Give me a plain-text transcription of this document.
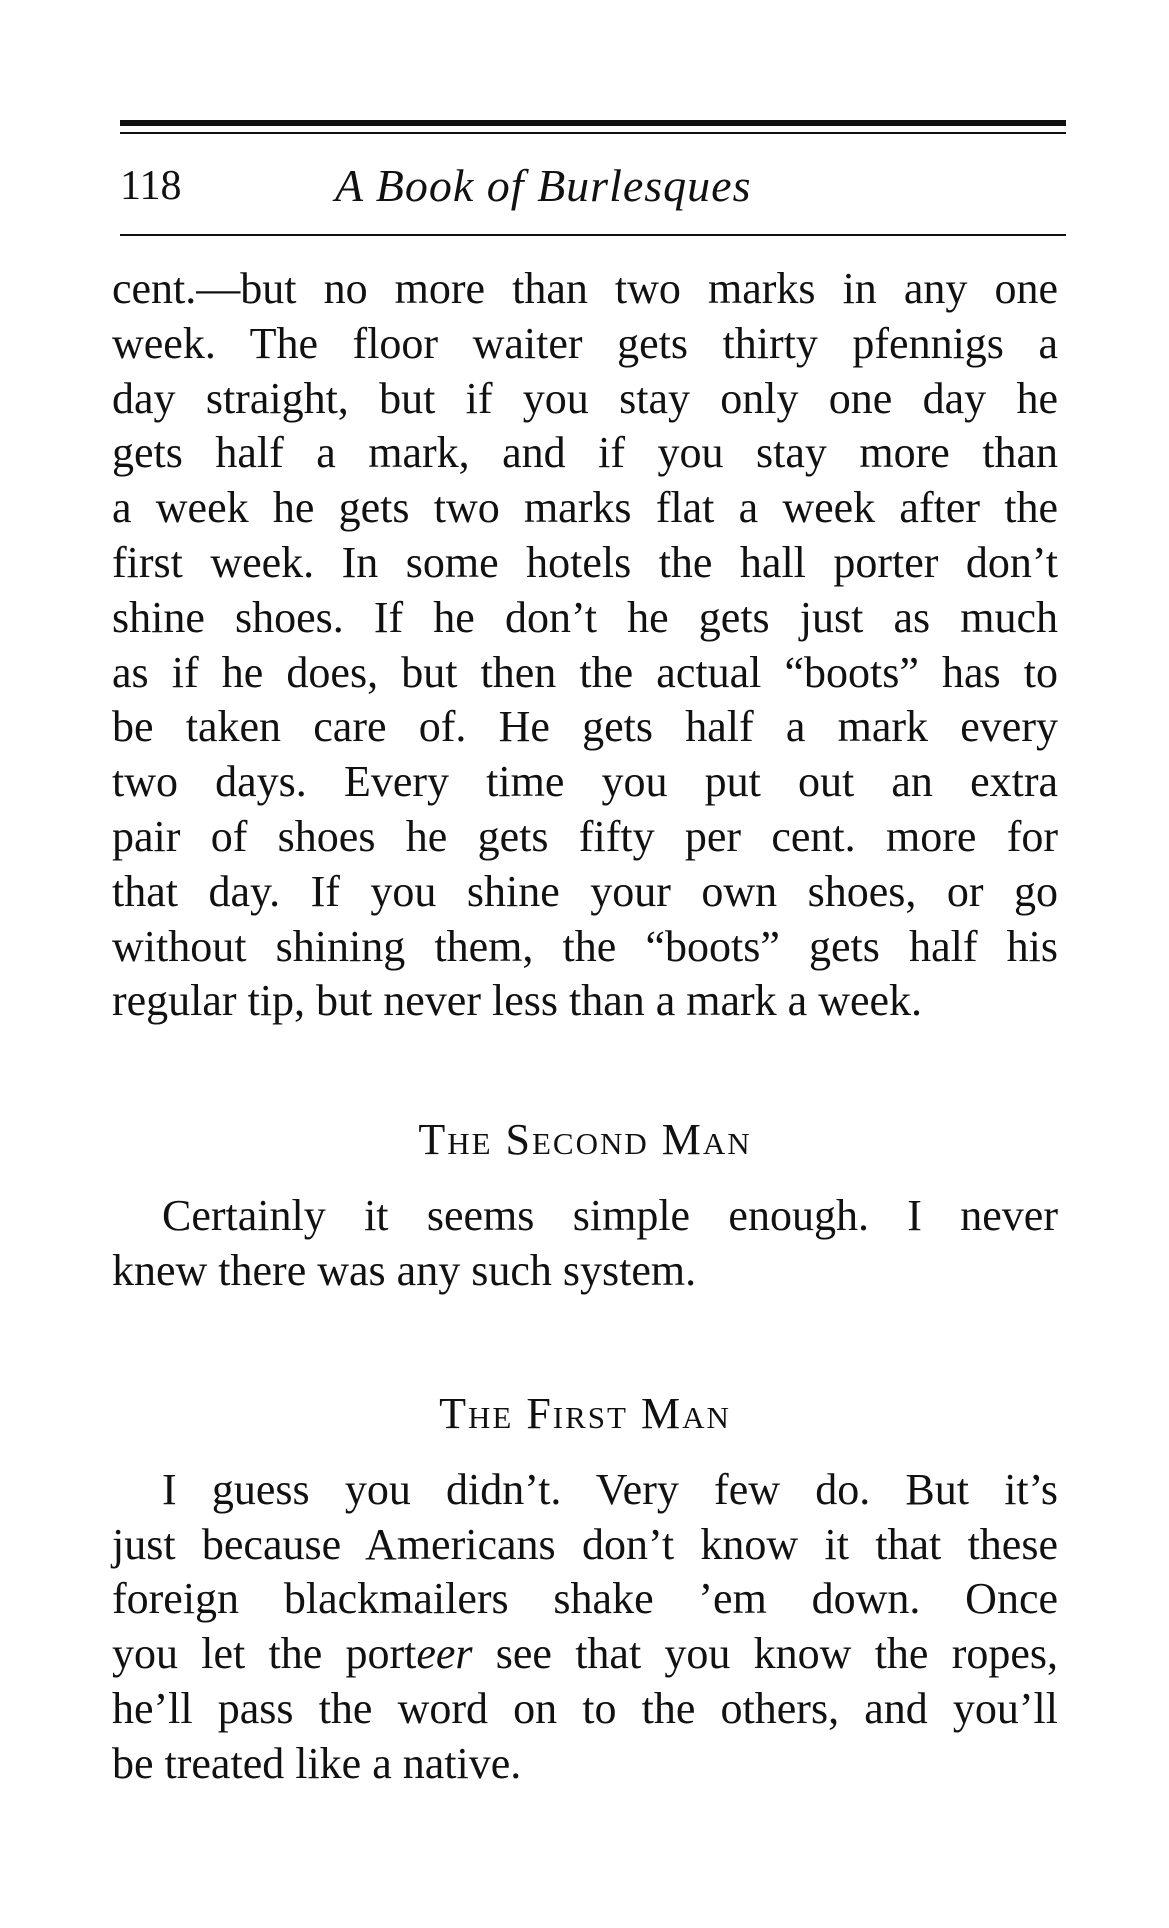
118	A Book of Burlesques
cent.—but no more than two marks in any one
week. The floor waiter gets thirty pfennigs a
day straight, but if you stay only one day he
gets half a mark, and if you stay more than
a week he gets two marks flat a week after the
first week. In some hotels the hall porter don’t
shine shoes. If he don’t he gets just as much
as if he does, but then the actual “boots” has to
be taken care of. He gets half a mark every
two days. Every time you put out an extra
pair of shoes he gets fifty per cent. more for
that day. If you shine your own shoes, or go
without shining them, the “boots” gets half his
regular tip, but never less than a mark a week.
The Second Man
Certainly it seems simple enough. I never
knew there was any such system.
The First Man
I guess you didn’t. Very few do. But it’s
just because Americans don’t know it that these
foreign blackmailers shake ’em down. Once
you let the porteer see that you know the ropes,
he’ll pass the word on to the others, and you’ll
be treated like a native.
